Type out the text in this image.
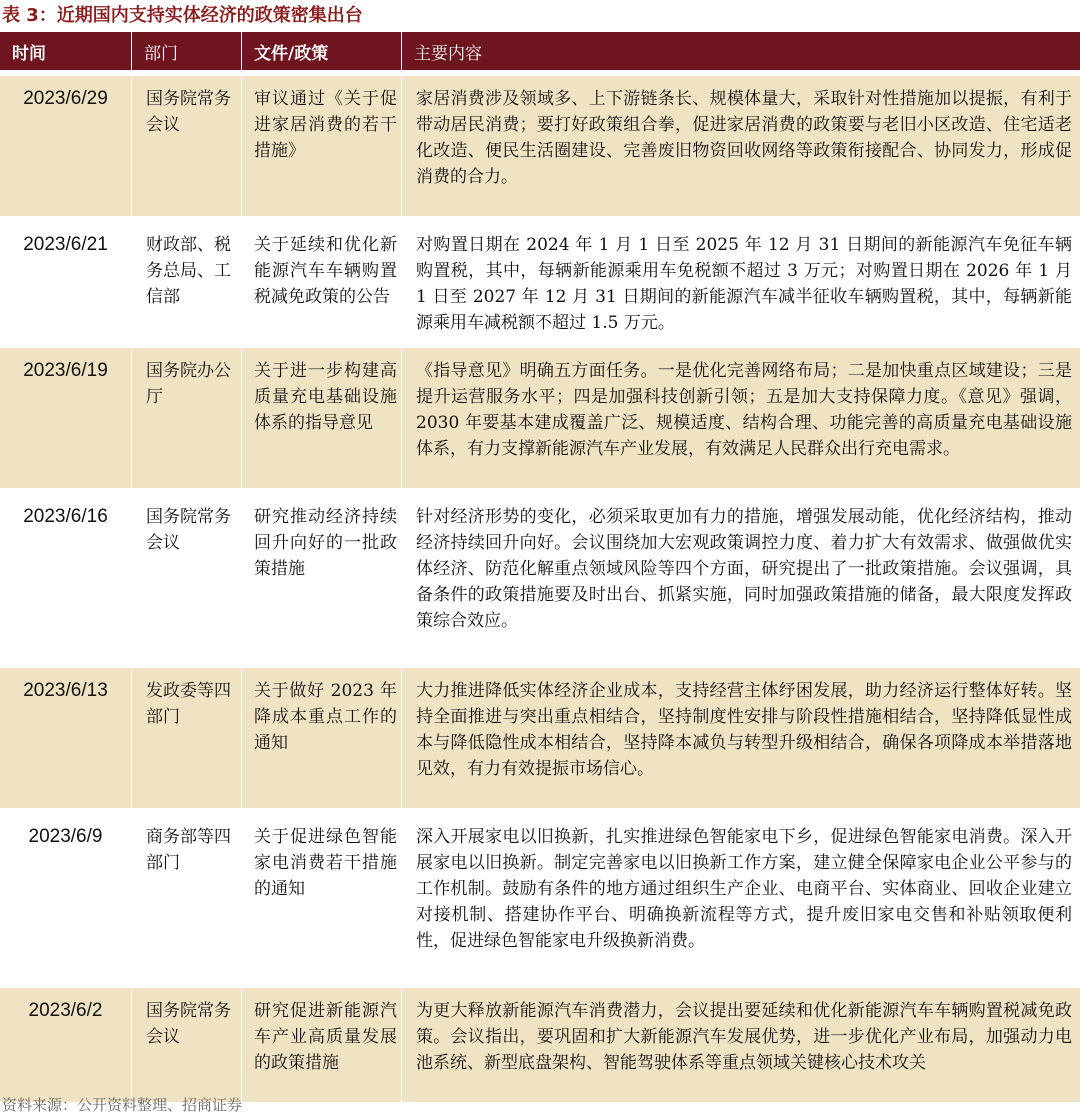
表 3：近期国内支持实体经济的政策密集出台
时间	部门	文件/政策	主要内容
2023/6/29	国务院常务会议	审议通过《关于促进家居消费的若干措施》	家居消费涉及领域多、上下游链条长、规模体量大，采取针对性措施加以提振，有利于带动居民消费；要打好政策组合拳，促进家居消费的政策要与老旧小区改造、住宅适老化改造、便民生活圈建设、完善废旧物资回收网络等政策衔接配合、协同发力，形成促消费的合力。
2023/6/21	财政部、税务总局、工信部	关于延续和优化新能源汽车车辆购置税减免政策的公告	对购置日期在 2024 年 1 月 1 日至 2025 年 12 月 31 日期间的新能源汽车免征车辆购置税，其中，每辆新能源乘用车免税额不超过 3 万元；对购置日期在 2026 年 1 月 1 日至 2027 年 12 月 31 日期间的新能源汽车减半征收车辆购置税，其中，每辆新能源乘用车减税额不超过 1.5 万元。
2023/6/19	国务院办公厅	关于进一步构建高质量充电基础设施体系的指导意见	《指导意见》明确五方面任务。一是优化完善网络布局；二是加快重点区域建设；三是提升运营服务水平；四是加强科技创新引领；五是加大支持保障力度。《意见》强调，2030 年要基本建成覆盖广泛、规模适度、结构合理、功能完善的高质量充电基础设施体系，有力支撑新能源汽车产业发展，有效满足人民群众出行充电需求。
2023/6/16	国务院常务会议	研究推动经济持续回升向好的一批政策措施	针对经济形势的变化，必须采取更加有力的措施，增强发展动能，优化经济结构，推动经济持续回升向好。会议围绕加大宏观政策调控力度、着力扩大有效需求、做强做优实体经济、防范化解重点领域风险等四个方面，研究提出了一批政策措施。会议强调，具备条件的政策措施要及时出台、抓紧实施，同时加强政策措施的储备，最大限度发挥政策综合效应。
2023/6/13	发政委等四部门	关于做好 2023 年降成本重点工作的通知	大力推进降低实体经济企业成本，支持经营主体纾困发展，助力经济运行整体好转。坚持全面推进与突出重点相结合，坚持制度性安排与阶段性措施相结合，坚持降低显性成本与降低隐性成本相结合，坚持降本减负与转型升级相结合，确保各项降成本举措落地见效，有力有效提振市场信心。
2023/6/9	商务部等四部门	关于促进绿色智能家电消费若干措施的通知	深入开展家电以旧换新，扎实推进绿色智能家电下乡，促进绿色智能家电消费。深入开展家电以旧换新。制定完善家电以旧换新工作方案，建立健全保障家电企业公平参与的工作机制。鼓励有条件的地方通过组织生产企业、电商平台、实体商业、回收企业建立对接机制、搭建协作平台、明确换新流程等方式，提升废旧家电交售和补贴领取便利性，促进绿色智能家电升级换新消费。
2023/6/2	国务院常务会议	研究促进新能源汽车产业高质量发展的政策措施	为更大释放新能源汽车消费潜力，会议提出要延续和优化新能源汽车车辆购置税减免政策。会议指出，要巩固和扩大新能源汽车发展优势，进一步优化产业布局，加强动力电池系统、新型底盘架构、智能驾驶体系等重点领域关键核心技术攻关
资料来源：公开资料整理、招商证券
